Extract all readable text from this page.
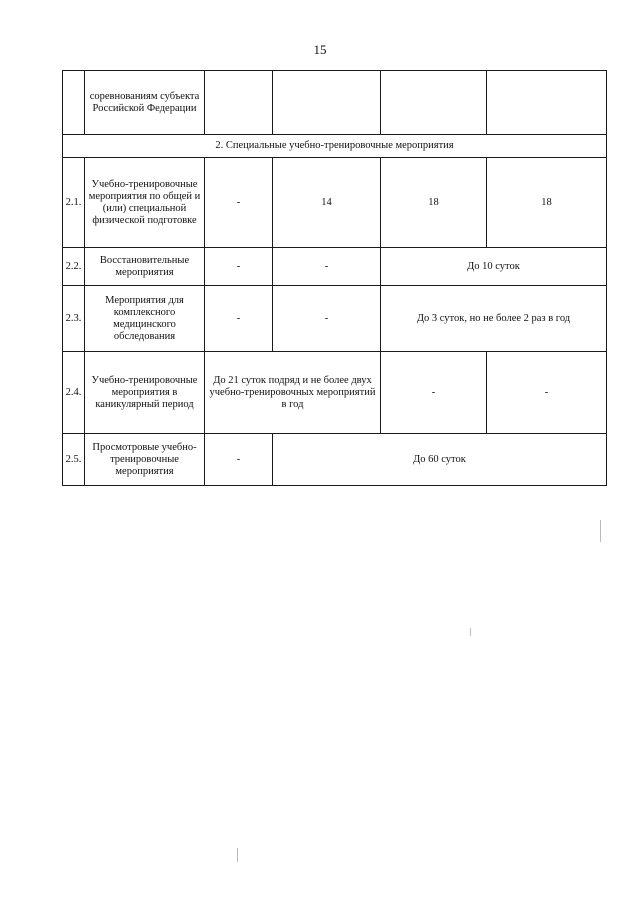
15
	соревнованиям субъекта Российской Федерации				
2. Специальные учебно-тренировочные мероприятия					
2.1.	Учебно-тренировочные мероприятия по общей и (или) специальной физической подготовке	-	14	18	18
2.2.	Восстановительные мероприятия	-	-	До 10 суток	
2.3.	Мероприятия для комплексного медицинского обследования	-	-	До 3 суток, но не более 2 раз в год	
2.4.	Учебно-тренировочные мероприятия в каникулярный период	До 21 суток подряд и не более двух учебно-тренировочных мероприятий в год		-	-
2.5.	Просмотровые учебно-тренировочные мероприятия	-	До 60 суток		
